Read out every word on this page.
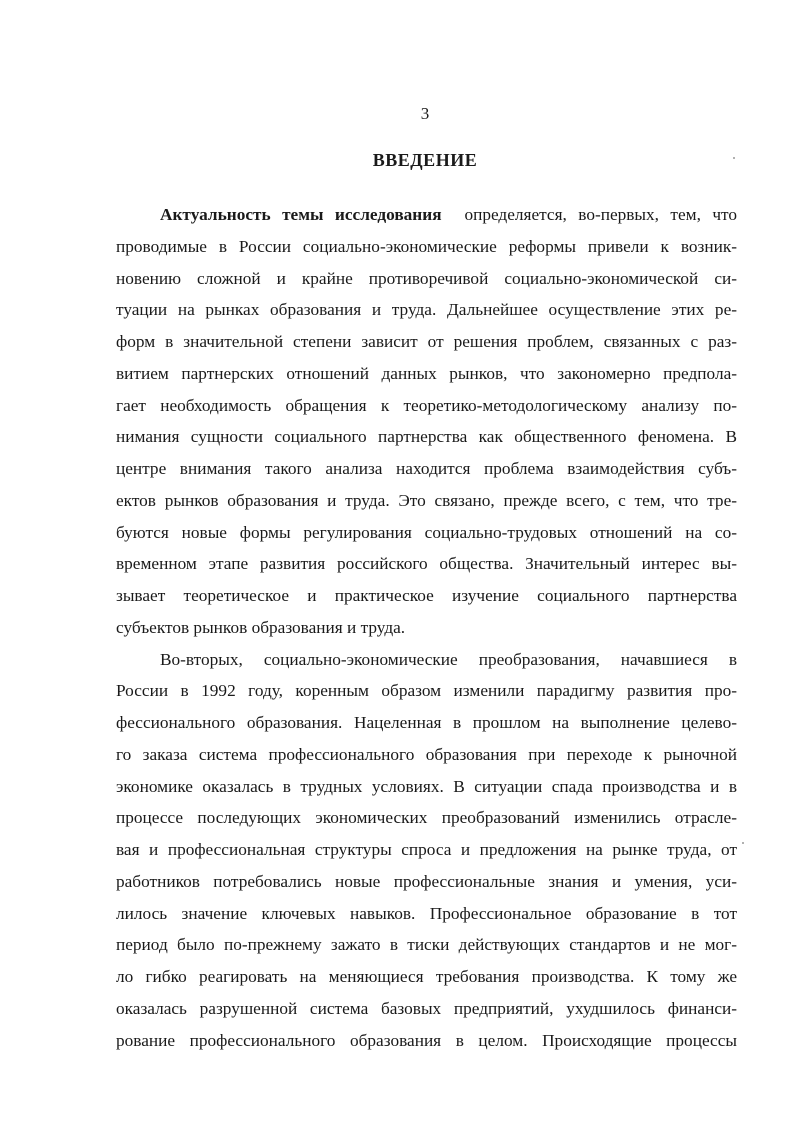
3
ВВЕДЕНИЕ
Актуальность темы исследования определяется, во-первых, тем, что
проводимые в России социально-экономические реформы привели к возник-
новению сложной и крайне противоречивой социально-экономической си-
туации на рынках образования и труда. Дальнейшее осуществление этих ре-
форм в значительной степени зависит от решения проблем, связанных с раз-
витием партнерских отношений данных рынков, что закономерно предпола-
гает необходимость обращения к теоретико-методологическому анализу по-
нимания сущности социального партнерства как общественного феномена. В
центре внимания такого анализа находится проблема взаимодействия субъ-
ектов рынков образования и труда. Это связано, прежде всего, с тем, что тре-
буются новые формы регулирования социально-трудовых отношений на со-
временном этапе развития российского общества. Значительный интерес вы-
зывает теоретическое и практическое изучение социального партнерства
субъектов рынков образования и труда.
Во-вторых, социально-экономические преобразования, начавшиеся в
России в 1992 году, коренным образом изменили парадигму развития про-
фессионального образования. Нацеленная в прошлом на выполнение целево-
го заказа система профессионального образования при переходе к рыночной
экономике оказалась в трудных условиях. В ситуации спада производства и в
процессе последующих экономических преобразований изменились отрасле-
вая и профессиональная структуры спроса и предложения на рынке труда, от
работников потребовались новые профессиональные знания и умения, уси-
лилось значение ключевых навыков. Профессиональное образование в тот
период было по-прежнему зажато в тиски действующих стандартов и не мог-
ло гибко реагировать на меняющиеся требования производства. К тому же
оказалась разрушенной система базовых предприятий, ухудшилось финанси-
рование профессионального образования в целом. Происходящие процессы
